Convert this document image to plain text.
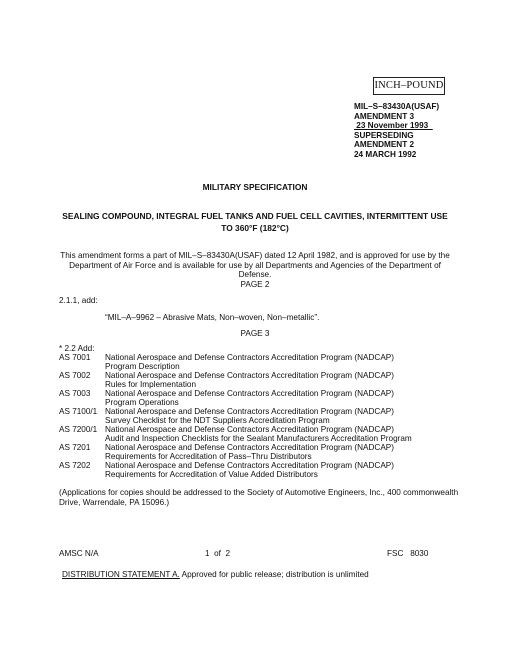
INCH–POUND
MIL–S–83430A(USAF)
AMENDMENT 3
23 November 1993
SUPERSEDING
AMENDMENT 2
24 MARCH 1992
MILITARY SPECIFICATION
SEALING COMPOUND, INTEGRAL FUEL TANKS AND FUEL CELL CAVITIES, INTERMITTENT USE
TO 360°F (182°C)
This amendment forms a part of MIL–S–83430A(USAF) dated 12 April 1982, and is approved for use by the Department of Air Force and is available for use by all Departments and Agencies of the Department of Defense.
PAGE 2
2.1.1, add:
“MIL–A–9962 – Abrasive Mats, Non–woven, Non–metallic”.
PAGE 3
* 2.2 Add:
AS 7001	National Aerospace and Defense Contractors Accreditation Program (NADCAP)
Program Description
AS 7002	National Aerospace and Defense Contractors Accreditation Program (NADCAP)
Rules for Implementation
AS 7003	National Aerospace and Defense Contractors Accreditation Program (NADCAP)
Program Operations
AS 7100/1 National Aerospace and Defense Contractors Accreditation Program (NADCAP)
Survey Checklist for the NDT Suppliers Accreditation Program
AS 7200/1 National Aerospace and Defense Contractors Accreditation Program (NADCAP)
Audit and Inspection Checklists for the Sealant Manufacturers Accreditation Program
AS 7201	National Aerospace and Defense Contractors Accreditation Program (NADCAP)
Requirements for Accreditation of Pass–Thru Distributors
AS 7202	National Aerospace and Defense Contractors Accreditation Program (NADCAP)
Requirements for Accreditation of Value Added Distributors
(Applications for copies should be addressed to the Society of Automotive Engineers, Inc., 400 commonwealth Drive, Warrendale, PA 15096.)
AMSC N/A	1  of  2	FSC   8030
DISTRIBUTION STATEMENT A. Approved for public release; distribution is unlimited
